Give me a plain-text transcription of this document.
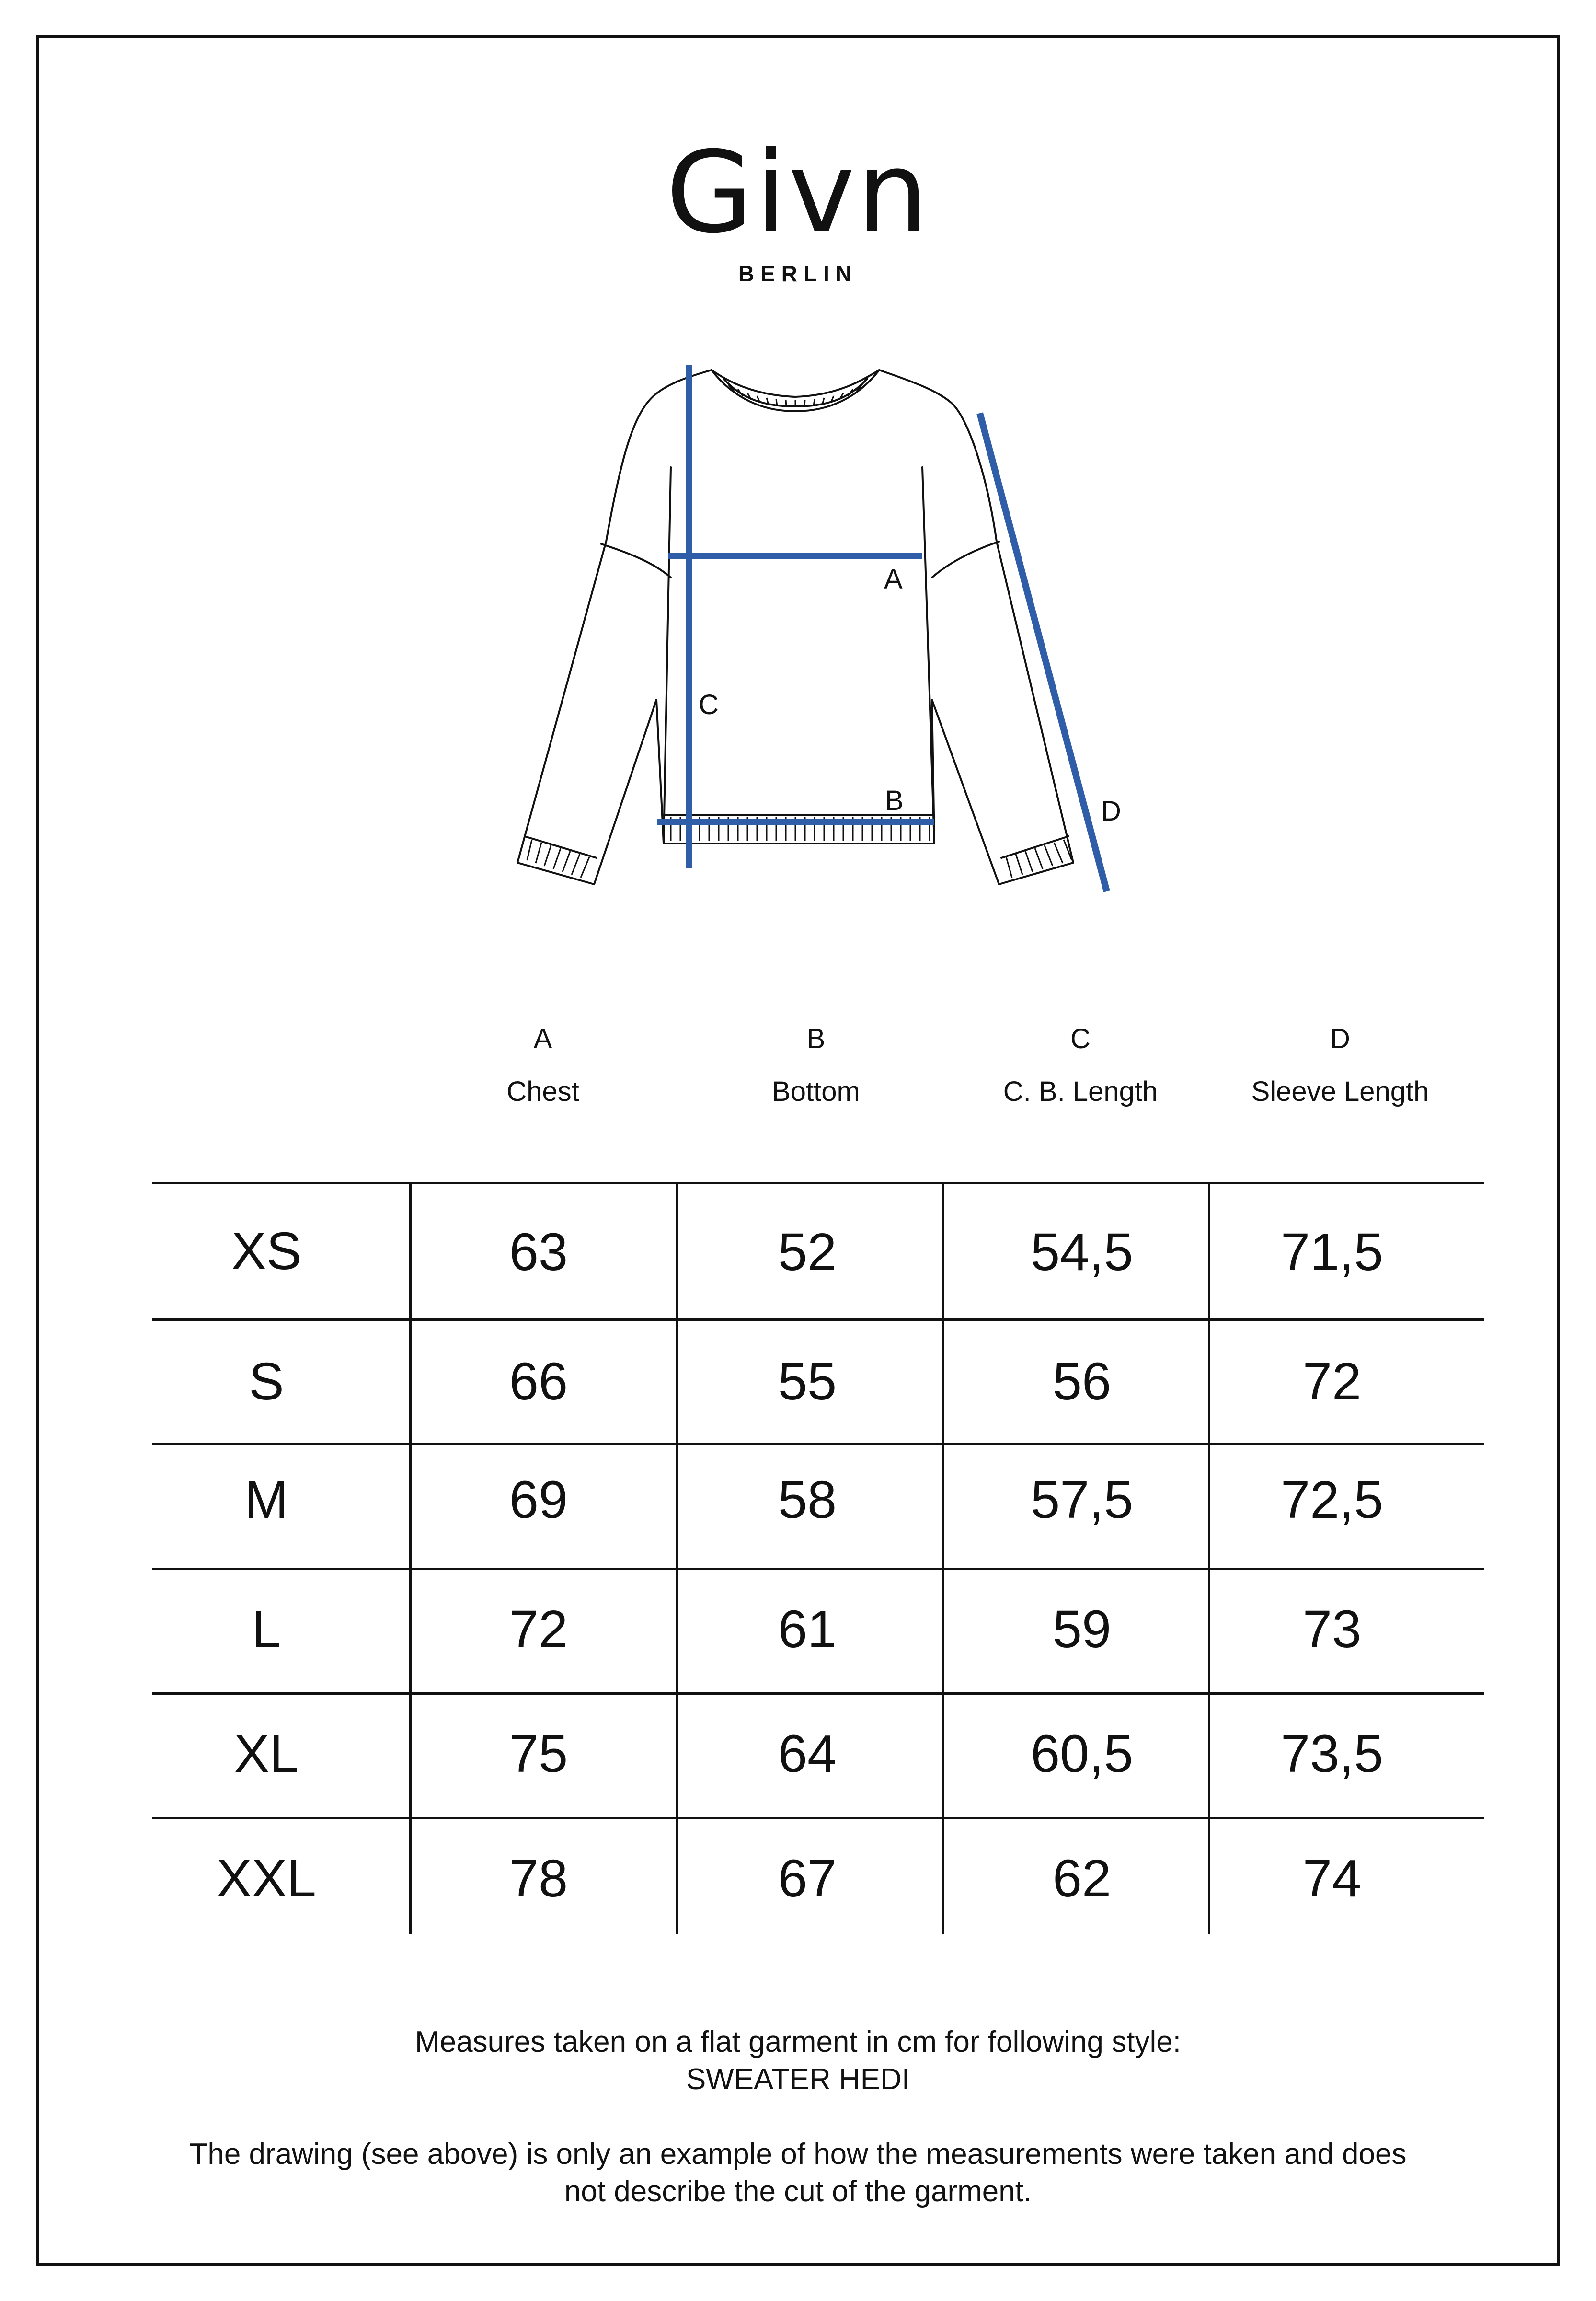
Givn
BERLIN
A
B
C
D
A
Chest
B
Bottom
C
C. B. Length
D
Sleeve Length
XS	63	52	54,5	71,5
S	66	55	56	72
M	69	58	57,5	72,5
L	72	61	59	73
XL	75	64	60,5	73,5
XXL	78	67	62	74
Measures taken on a flat garment in cm for following style:
SWEATER HEDI
The drawing (see above) is only an example of how the measurements were taken and does
not describe the cut of the garment.
